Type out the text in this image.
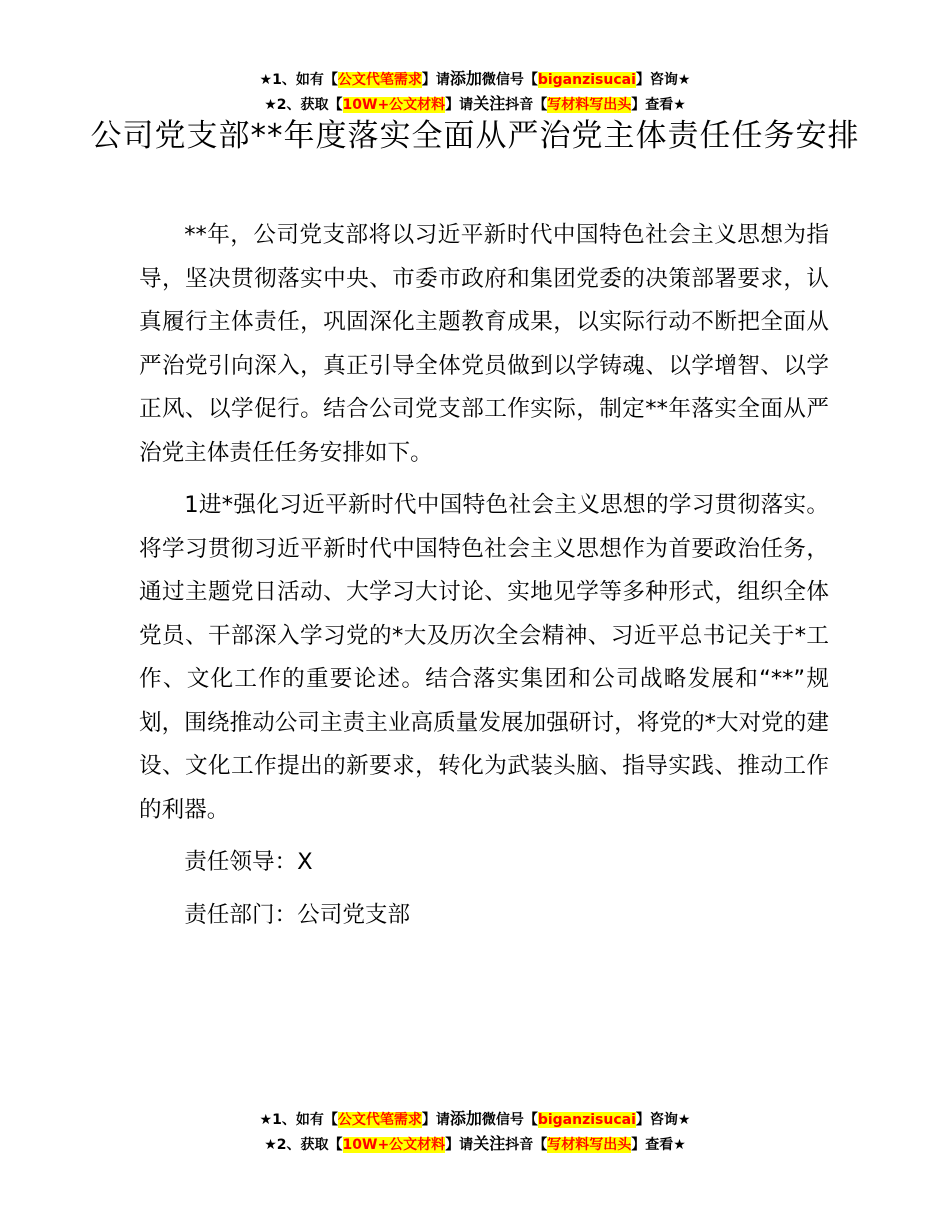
★1、如有【公文代笔需求】请添加微信号【biganzisucai】咨询★
★2、获取【10W+公文材料】请关注抖音【写材料写出头】查看★
公司党支部**年度落实全面从严治党主体责任任务安排

**年，公司党支部将以习近平新时代中国特色社会主义思想为指导，坚决贯彻落实中央、市委市政府和集团党委的决策部署要求，认真履行主体责任，巩固深化主题教育成果，以实际行动不断把全面从严治党引向深入，真正引导全体党员做到以学铸魂、以学增智、以学正风、以学促行。结合公司党支部工作实际，制定**年落实全面从严治党主体责任任务安排如下。

1进*强化习近平新时代中国特色社会主义思想的学习贯彻落实。将学习贯彻习近平新时代中国特色社会主义思想作为首要政治任务，通过主题党日活动、大学习大讨论、实地见学等多种形式，组织全体党员、干部深入学习党的*大及历次全会精神、习近平总书记关于*工作、文化工作的重要论述。结合落实集团和公司战略发展和“**”规划，围绕推动公司主责主业高质量发展加强研讨，将党的*大对党的建设、文化工作提出的新要求，转化为武装头脑、指导实践、推动工作的利器。

责任领导：X

责任部门：公司党支部

★1、如有【公文代笔需求】请添加微信号【biganzisucai】咨询★
★2、获取【10W+公文材料】请关注抖音【写材料写出头】查看★
